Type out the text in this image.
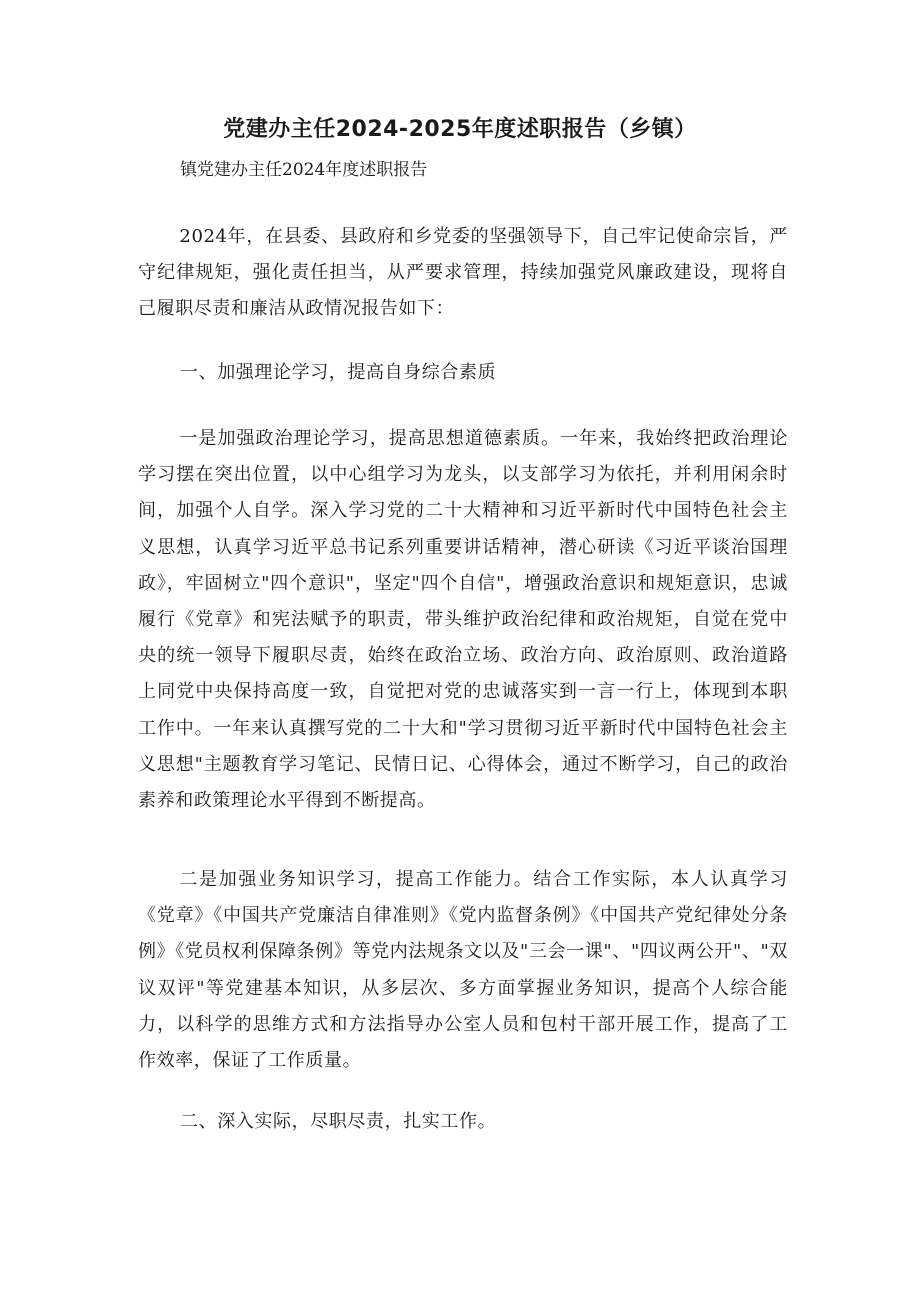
党建办主任2024-2025年度述职报告（乡镇）

镇党建办主任2024年度述职报告

2024年，在县委、县政府和乡党委的坚强领导下，自己牢记使命宗旨，严守纪律规矩，强化责任担当，从严要求管理，持续加强党风廉政建设，现将自己履职尽责和廉洁从政情况报告如下：

一、加强理论学习，提高自身综合素质

一是加强政治理论学习，提高思想道德素质。一年来，我始终把政治理论学习摆在突出位置，以中心组学习为龙头，以支部学习为依托，并利用闲余时间，加强个人自学。深入学习党的二十大精神和习近平新时代中国特色社会主义思想，认真学习近平总书记系列重要讲话精神，潜心研读《习近平谈治国理政》，牢固树立"四个意识"，坚定"四个自信"，增强政治意识和规矩意识，忠诚履行《党章》和宪法赋予的职责，带头维护政治纪律和政治规矩，自觉在党中央的统一领导下履职尽责，始终在政治立场、政治方向、政治原则、政治道路上同党中央保持高度一致，自觉把对党的忠诚落实到一言一行上，体现到本职工作中。一年来认真撰写党的二十大和"学习贯彻习近平新时代中国特色社会主义思想"主题教育学习笔记、民情日记、心得体会，通过不断学习，自己的政治素养和政策理论水平得到不断提高。

二是加强业务知识学习，提高工作能力。结合工作实际，本人认真学习《党章》《中国共产党廉洁自律准则》《党内监督条例》《中国共产党纪律处分条例》《党员权利保障条例》等党内法规条文以及"三会一课"、"四议两公开"、"双议双评"等党建基本知识，从多层次、多方面掌握业务知识，提高个人综合能力，以科学的思维方式和方法指导办公室人员和包村干部开展工作，提高了工作效率，保证了工作质量。

二、深入实际，尽职尽责，扎实工作。
